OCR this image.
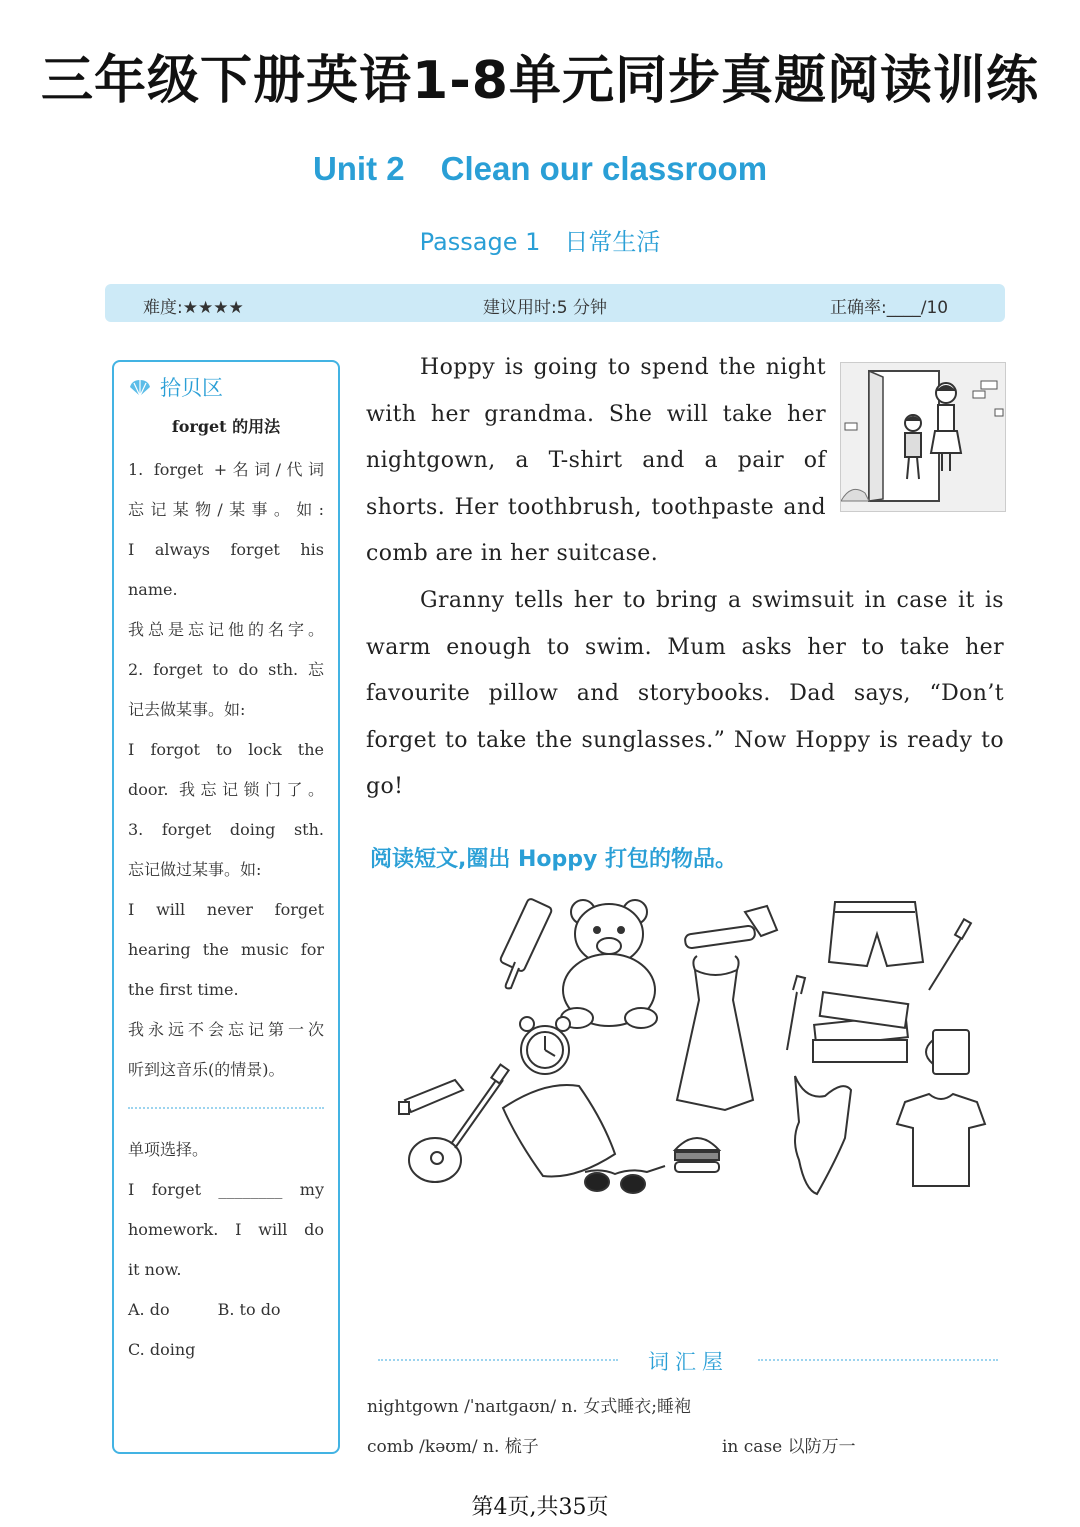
三年级下册英语1-8单元同步真题阅读训练
Unit 2 Clean our classroom
Passage 1 日常生活
难度:★★★★	建议用时:5 分钟	正确率:____/10
拾贝区
forget 的用法
1. forget +名词/代词
忘记某物/某事。如:
I always forget his
name.
我总是忘记他的名字。
2. forget to do sth. 忘
记去做某事。如:
I forgot to lock the
door. 我忘记锁门了。
3. forget doing sth.
忘记做过某事。如:
I will never forget
hearing the music for
the first time.
我永远不会忘记第一次
听到这音乐(的情景)。
单项选择。
I forget ________ my
homework. I will do
it now.
A. do	B. to do
C. doing

Hoppy is going to spend the night

with her grandma. She will take her

nightgown, a T-shirt and a pair of

shorts. Her toothbrush, toothpaste and

comb are in her suitcase.

Granny tells her to bring a swimsuit in case it is

warm enough to swim. Mum asks her to take her

favourite pillow and storybooks. Dad says, “Don’t

forget to take the sunglasses.” Now Hoppy is ready to

go!

阅读短文,圈出 Hoppy 打包的物品。
词汇屋
nightgown /ˈnaɪtɡaʊn/ n. 女式睡衣;睡袍
comb /kəʊm/ n. 梳子	in case 以防万一
第4页,共35页
